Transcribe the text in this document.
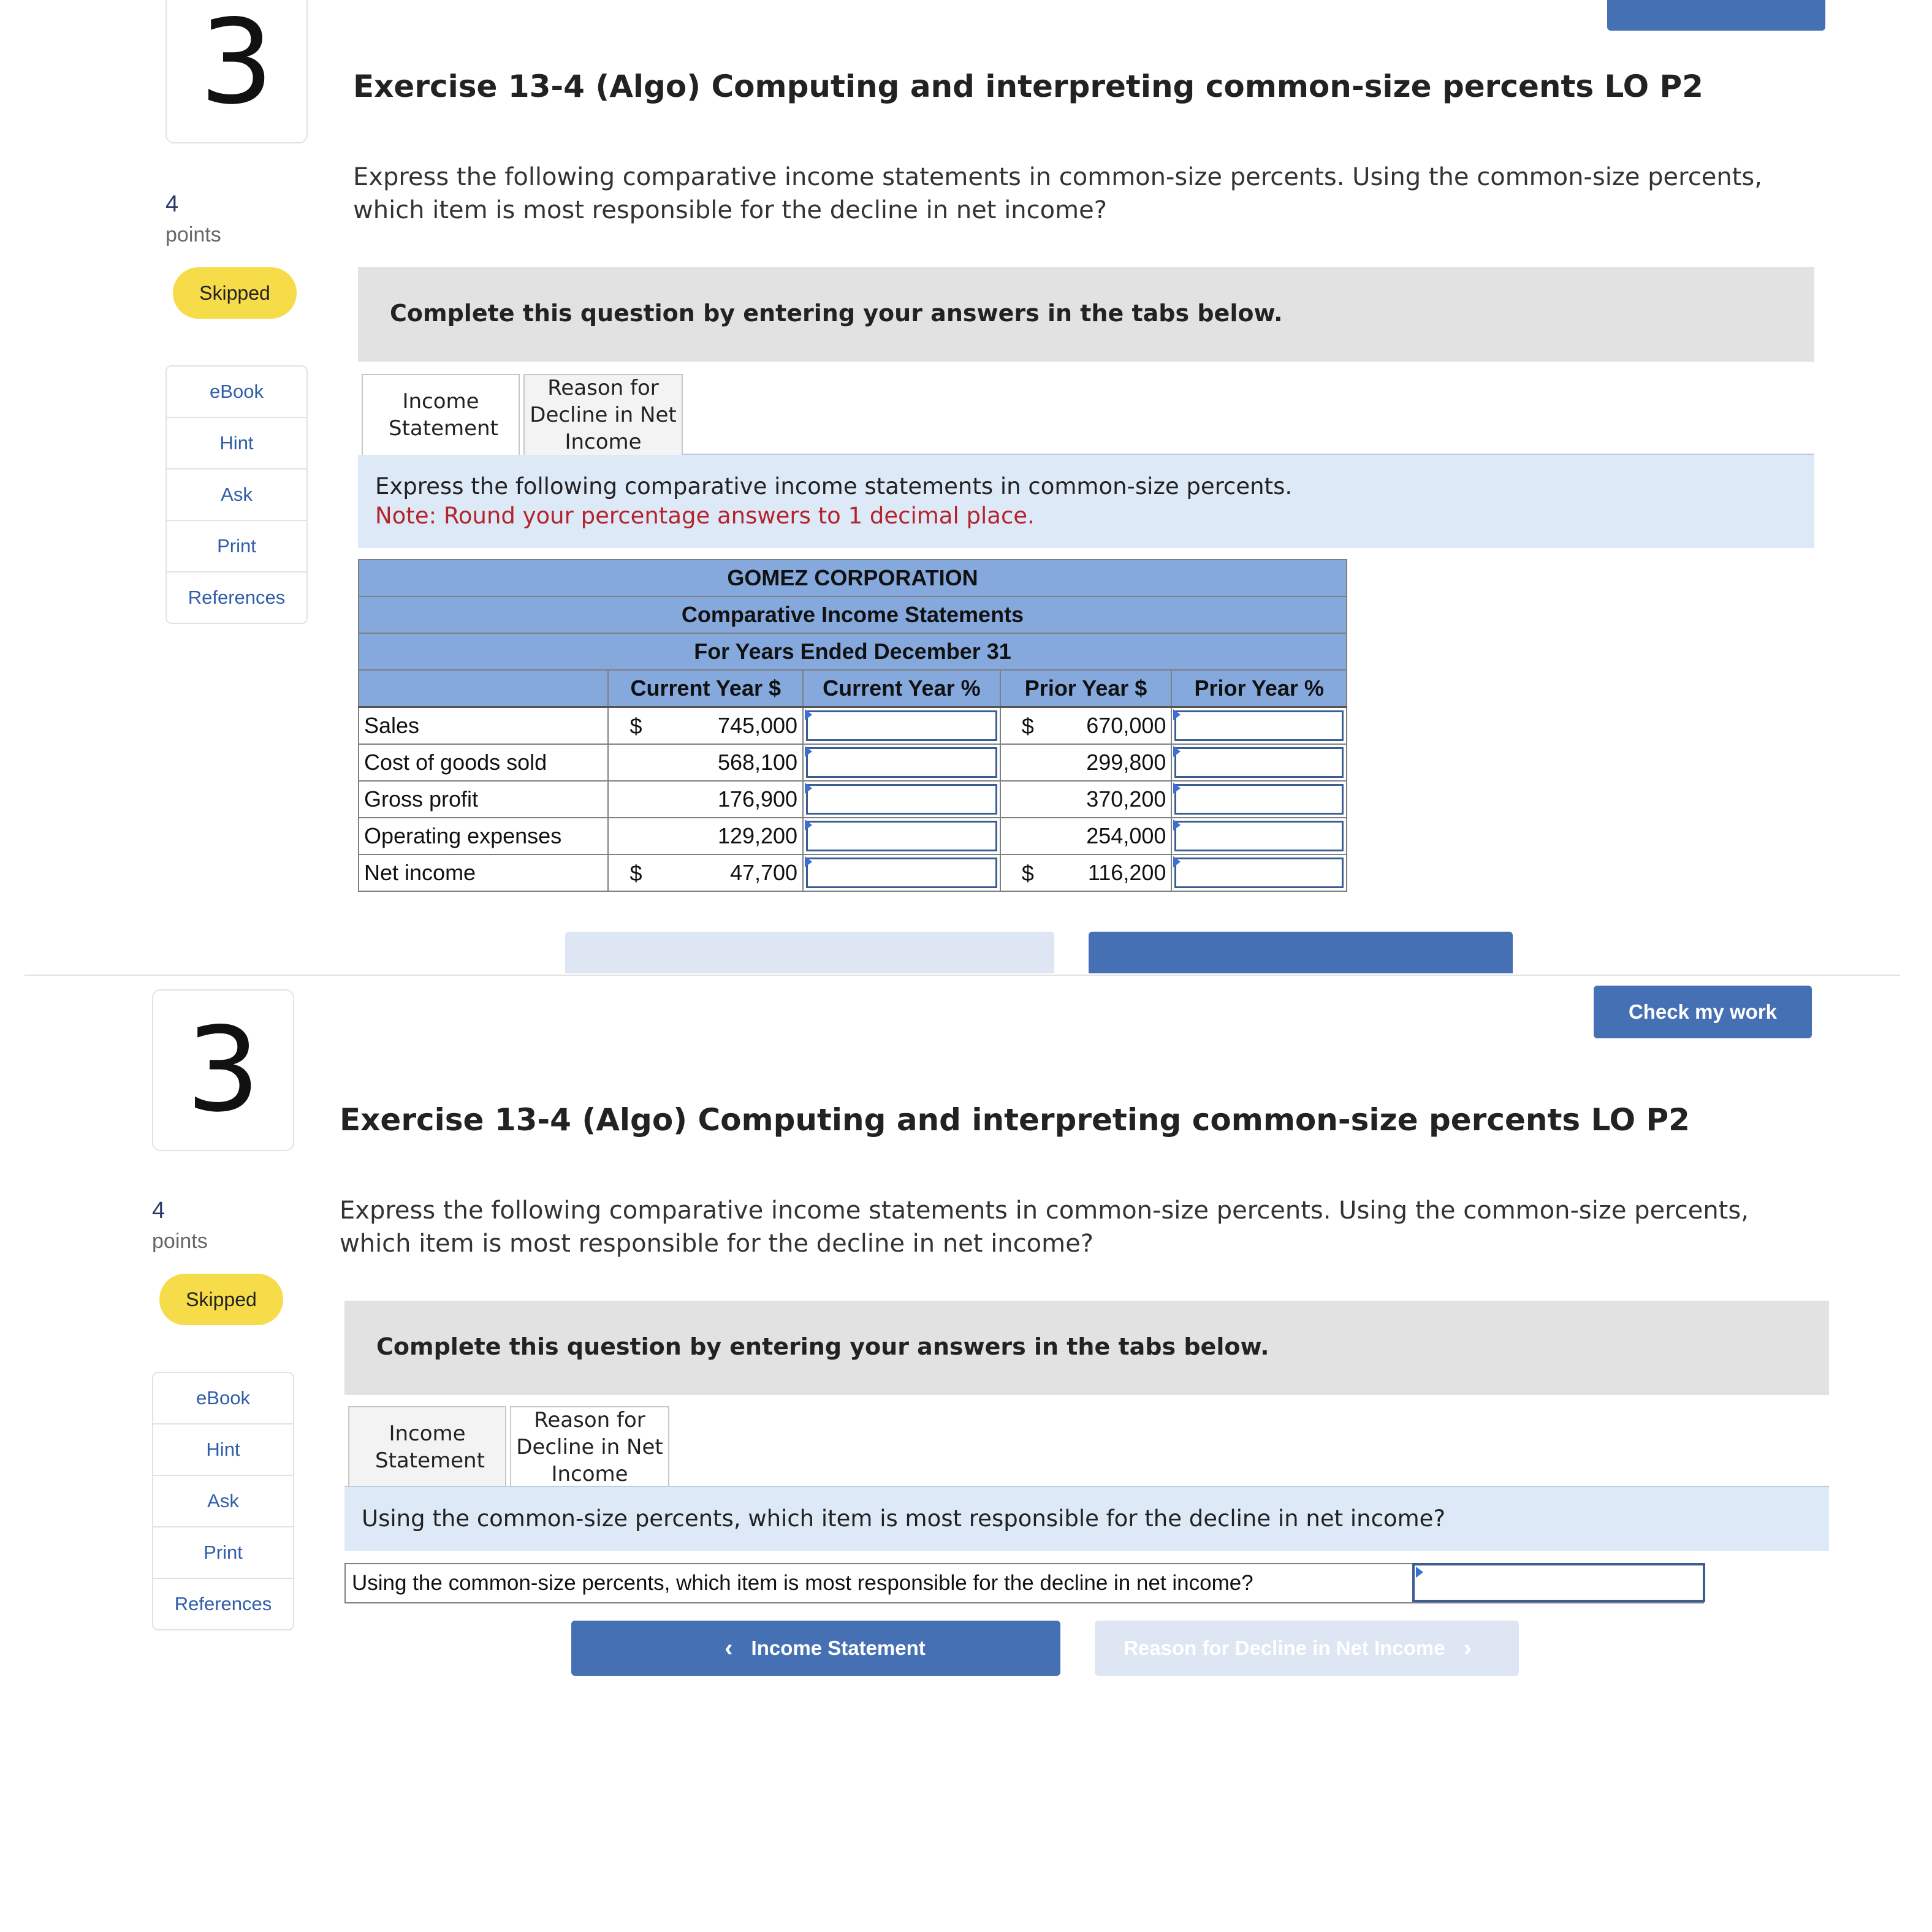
3
4
points
Skipped
eBook
Hint
Ask
Print
References
Exercise 13-4 (Algo) Computing and interpreting common-size percents LO P2
Express the following comparative income statements in common-size percents. Using the common-size percents, which item is most responsible for the decline in net income?
Complete this question by entering your answers in the tabs below.
Income Statement
Reason for Decline in Net Income
Express the following comparative income statements in common-size percents.
Note: Round your percentage answers to 1 decimal place.
GOMEZ CORPORATION				
Comparative Income Statements				
For Years Ended December 31				
	Current Year $	Current Year %	Prior Year $	Prior Year %
Sales	$ 745,000		$ 670,000	

Cost of goods sold	568,100		299,800	

Gross profit	176,900		370,200	

Operating expenses	129,200		254,000	

Net income	$ 47,700		$ 116,200	

Check my work
3
4
points
Skipped
eBook
Hint
Ask
Print
References
Exercise 13-4 (Algo) Computing and interpreting common-size percents LO P2
Express the following comparative income statements in common-size percents. Using the common-size percents, which item is most responsible for the decline in net income?
Complete this question by entering your answers in the tabs below.
Income Statement
Reason for Decline in Net Income
Using the common-size percents, which item is most responsible for the decline in net income?
Using the common-size percents, which item is most responsible for the decline in net income?
‹ Income Statement	Reason for Decline in Net Income ›
